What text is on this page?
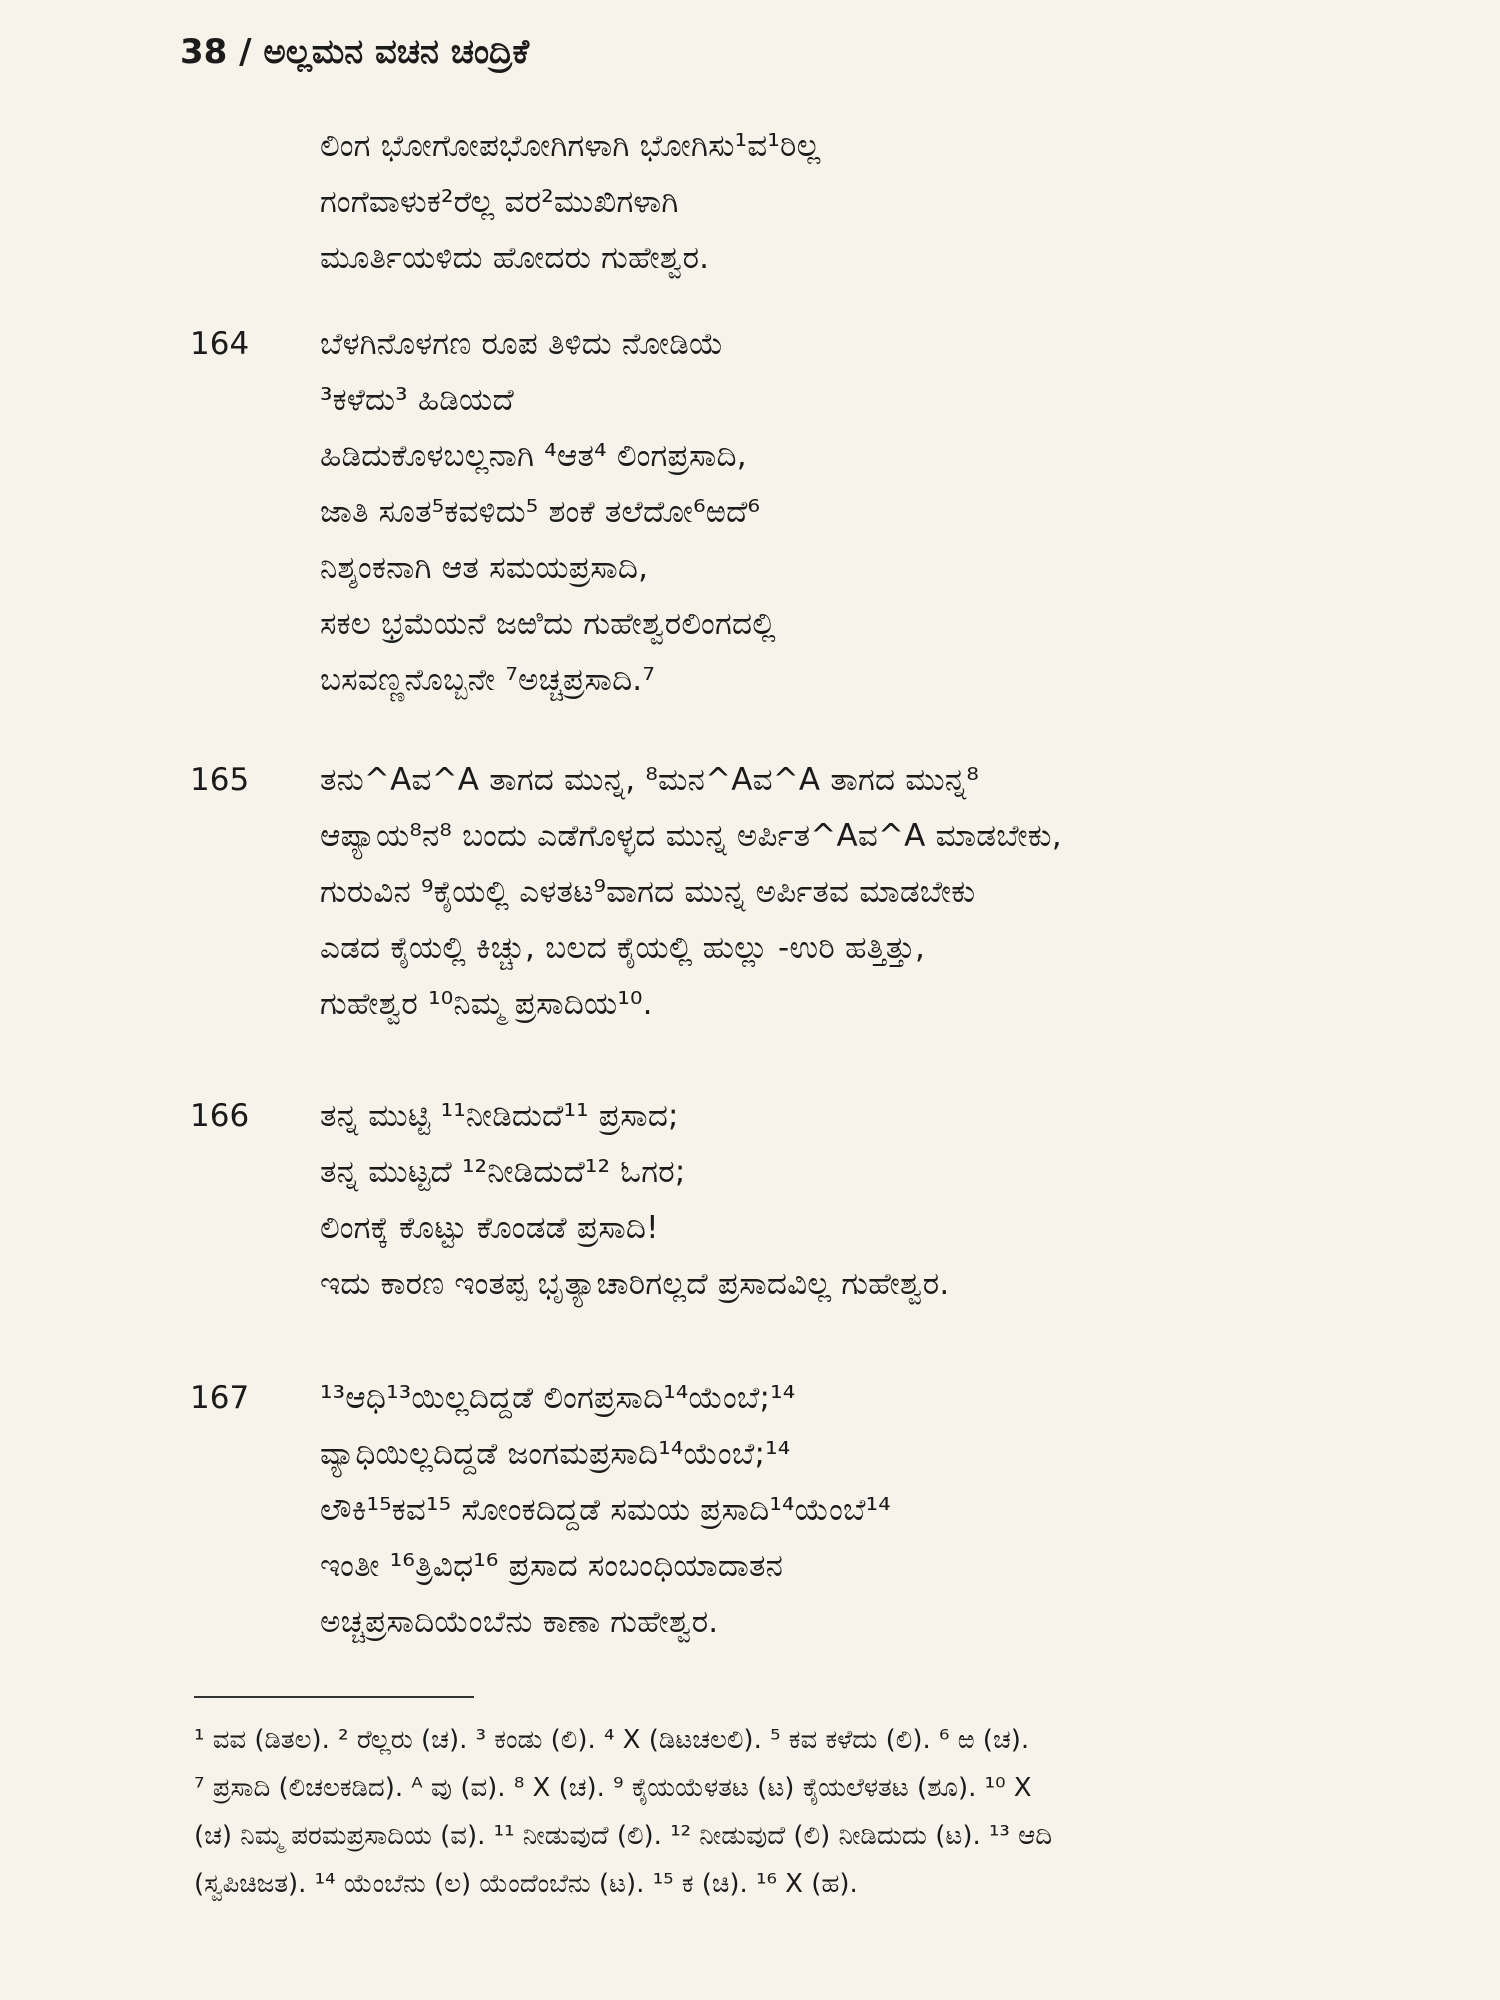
38 / ಅಲ್ಲಮನ ವಚನ ಚಂದ್ರಿಕೆ
ಲಿಂಗ ಭೋಗೋಪಭೋಗಿಗಳಾಗಿ ಭೋಗಿಸು¹ವ¹ರಿಲ್ಲ
ಗಂಗೆವಾಳುಕ²ರೆಲ್ಲ ವರ²ಮುಖಿಗಳಾಗಿ
ಮೂರ್ತಿಯಳಿದು ಹೋದರು ಗುಹೇಶ್ವರ.
164	ಬೆಳಗಿನೊಳಗಣ ರೂಪ ತಿಳಿದು ನೋಡಿಯೆ
³ಕಳೆದು³ ಹಿಡಿಯದೆ
ಹಿಡಿದುಕೊಳಬಲ್ಲನಾಗಿ ⁴ಆತ⁴ ಲಿಂಗಪ್ರಸಾದಿ,
ಜಾತಿ ಸೂತ⁵ಕವಳಿದು⁵ ಶಂಕೆ ತಲೆದೋ⁶ಱದೆ⁶
ನಿಶ್ಶಂಕನಾಗಿ ಆತ ಸಮಯಪ್ರಸಾದಿ,
ಸಕಲ ಭ್ರಮೆಯನೆ ಜಱಿದು ಗುಹೇಶ್ವರಲಿಂಗದಲ್ಲಿ
ಬಸವಣ್ಣನೊಬ್ಬನೇ ⁷ಅಚ್ಚಪ್ರಸಾದಿ.⁷
165	ತನು^Aವ^A ತಾಗದ ಮುನ್ನ, ⁸ಮನ^Aವ^A ತಾಗದ ಮುನ್ನ⁸
ಆಪ್ಯಾಯ⁸ನ⁸ ಬಂದು ಎಡೆಗೊಳ್ಳದ ಮುನ್ನ ಅರ್ಪಿತ^Aವ^A ಮಾಡಬೇಕು,
ಗುರುವಿನ ⁹ಕೈಯಲ್ಲಿ ಎಳತಟ⁹ವಾಗದ ಮುನ್ನ ಅರ್ಪಿತವ ಮಾಡಬೇಕು
ಎಡದ ಕೈಯಲ್ಲಿ ಕಿಚ್ಚು, ಬಲದ ಕೈಯಲ್ಲಿ ಹುಲ್ಲು -ಉರಿ ಹತ್ತಿತ್ತು,
ಗುಹೇಶ್ವರ ¹⁰ನಿಮ್ಮ ಪ್ರಸಾದಿಯ¹⁰.
166	ತನ್ನ ಮುಟ್ಟಿ ¹¹ನೀಡಿದುದೆ¹¹ ಪ್ರಸಾದ;
ತನ್ನ ಮುಟ್ಟದೆ ¹²ನೀಡಿದುದೆ¹² ಓಗರ;
ಲಿಂಗಕ್ಕೆ ಕೊಟ್ಟು ಕೊಂಡಡೆ ಪ್ರಸಾದಿ!
ಇದು ಕಾರಣ ಇಂತಪ್ಪ ಭೃತ್ಯಾಚಾರಿಗಲ್ಲದೆ ಪ್ರಸಾದವಿಲ್ಲ ಗುಹೇಶ್ವರ.
167	¹³ಆಧಿ¹³ಯಿಲ್ಲದಿದ್ದಡೆ ಲಿಂಗಪ್ರಸಾದಿ¹⁴ಯೆಂಬೆ;¹⁴
ವ್ಯಾಧಿಯಿಲ್ಲದಿದ್ದಡೆ ಜಂಗಮಪ್ರಸಾದಿ¹⁴ಯೆಂಬೆ;¹⁴
ಲೌಕಿ¹⁵ಕವ¹⁵ ಸೋಂಕದಿದ್ದಡೆ ಸಮಯ ಪ್ರಸಾದಿ¹⁴ಯೆಂಬೆ¹⁴
ಇಂತೀ ¹⁶ತ್ರಿವಿಧ¹⁶ ಪ್ರಸಾದ ಸಂಬಂಧಿಯಾದಾತನ
ಅಚ್ಚಪ್ರಸಾದಿಯೆಂಬೆನು ಕಾಣಾ ಗುಹೇಶ್ವರ.
¹ ವವ (ಡಿತಲ). ² ರೆಲ್ಲರು (ಚ). ³ ಕಂಡು (ಲಿ). ⁴ X (ಡಿಟಚಲಲಿ). ⁵ ಕವ ಕಳೆದು (ಲಿ). ⁶ ಱ (ಚ).
⁷ ಪ್ರಸಾದಿ (ಲಿಚಲಕಡಿದ). ᴬ ವು (ವ). ⁸ X (ಚ). ⁹ ಕೈಯಯೆಳತಟ (ಟ) ಕೈಯಲೆಳತಟ (ಶೂ). ¹⁰ X
(ಚ) ನಿಮ್ಮ ಪರಮಪ್ರಸಾದಿಯ (ವ). ¹¹ ನೀಡುವುದೆ (ಲಿ). ¹² ನೀಡುವುದೆ (ಲಿ) ನೀಡಿದುದು (ಟ). ¹³ ಆದಿ
(ಸ್ವಪಿಚಿಜತ). ¹⁴ ಯೆಂಬೆನು (ಲ) ಯೆಂದೆಂಬೆನು (ಟ). ¹⁵ ಕ (ಚಿ). ¹⁶ X (ಹ).
